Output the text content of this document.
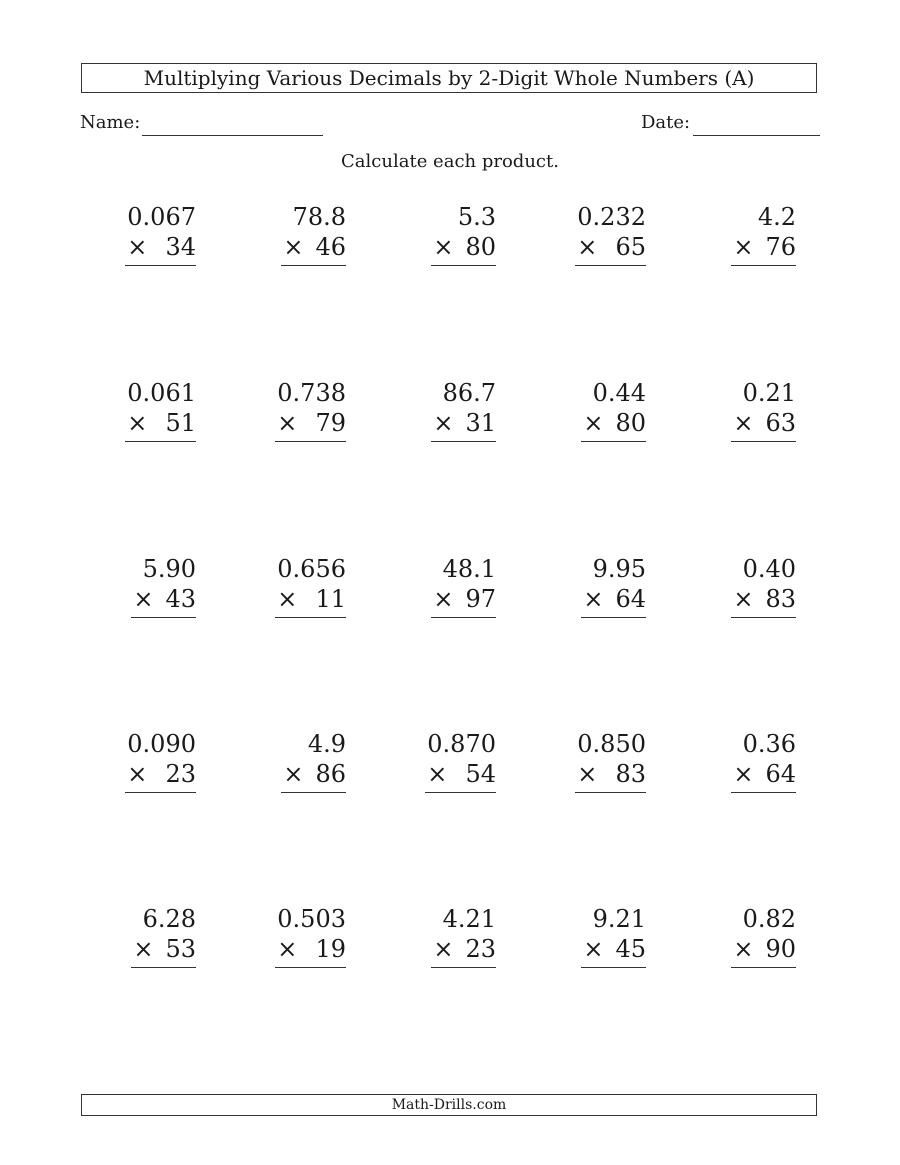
Multiplying Various Decimals by 2-Digit Whole Numbers (A)
Name:	Date:
Calculate each product.
0.067
× 34
78.8
× 46
5.3
× 80
0.232
× 65
4.2
× 76
0.061
× 51
0.738
× 79
86.7
× 31
0.44
× 80
0.21
× 63
5.90
× 43
0.656
× 11
48.1
× 97
9.95
× 64
0.40
× 83
0.090
× 23
4.9
× 86
0.870
× 54
0.850
× 83
0.36
× 64
6.28
× 53
0.503
× 19
4.21
× 23
9.21
× 45
0.82
× 90
Math-Drills.com
